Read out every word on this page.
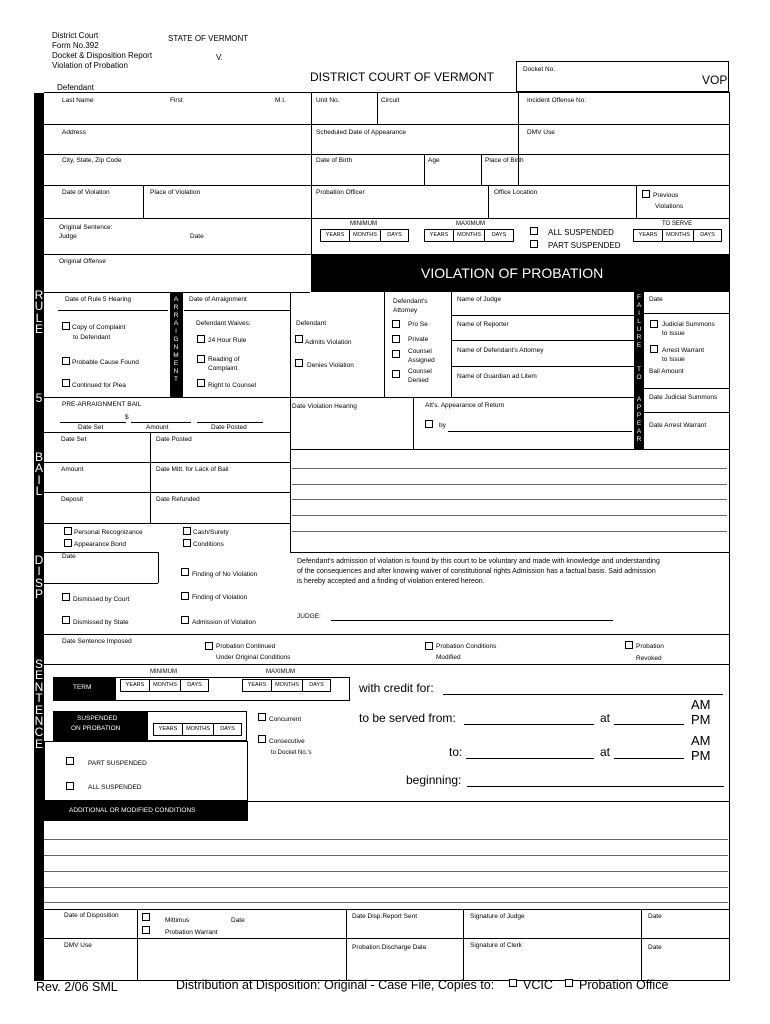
District Court
Form No.392
Docket & Disposition Report
Violation of Probation
STATE OF VERMONT
V.
Defendant
DISTRICT COURT OF VERMONT
Docket No.
VOP
Last Name	First	M.I.	Unit No.	Circuit	Incident Offense No.
Address	Scheduled Date of Appearance	DMV Use
City, State, Zip Code	Date of Birth	Age	Place of Birth
Date of Violation	Place of Violation	Probation Officer	Office Location	Previous
Violations
Original Sentence:
Judge	Date
MINIMUM	MAXIMUM	TO SERVE
YEARS	MONTHS	DAYS	YEARS	MONTHS	DAYS	ALL SUSPENDED
PART SUSPENDED
YEARS	MONTHS	DAYS
Original Offense
VIOLATION OF PROBATION
R
U
L
E
5
A
R
R
A
I
G
N
M
E
N
T
Date of Rule 5 Hearing
Copy of Complaint
to Defendant
Probable Cause Found
Continued for Plea
Date of Arraignment
Defendant Waives:
24 Hour Rule
Reading of
Complaint
Right to Counsel
Defendant
Admits Violation
Denies Violation
Defendant's
Attorney
Pro Se
Private
Counsel
Assigned
Counsel
Denied
Name of Judge
Name of Reporter
Name of Defendant's Attorney
Name of Guardian ad Litem
F
A
I
L
U
R
E
T
O
A
P
P
E
A
R
Date
Judicial Summons
to Issue
Arrest Warrant
to Issue
Bail Amount
Date Judicial Summons
Date Arrest Warrant
PRE-ARRAIGNMENT BAIL
$
Date Set	Amount	Date Posted
Date Set	Date Posted
Amount	Date Mitt. for Lack of Bail
Deposit	Date Refunded
B
A
I
L
Personal Recognizance
Appearance Bond
Cash/Surety
Conditions
Date Violation Hearing	Att's. Appearance of Return
by
D
I
S
P
Date
Finding of No Violation
Dismissed by Court	Finding of Violation
Dismissed by State	Admission of Violation
Defendant's admission of violation is found by this court to be voluntary and made with knowledge and understanding
of the consequences and after knowing waiver of constitutional rights Admission has a factual basis. Said admission
is hereby accepted and a finding of violation entered hereon.
JUDGE:
Date Sentence Imposed
Probation Continued
Under Original Conditions
Probation Conditions
Modified
Probation
Revoked
S
E
N
T
E
N
C
E
MINIMUM	MAXIMUM
TERM	YEARS	MONTHS	DAYS	YEARS	MONTHS	DAYS
SUSPENDED
ON PROBATION	YEARS	MONTHS	DAYS
PART SUSPENDED
ALL SUSPENDED
Concurrent
Consecutive
to Docket No.'s
with credit for:
to be served from:	at
AM
PM
to:	at
AM
PM
beginning:
ADDITIONAL OR MODIFIED CONDITIONS
Date of Disposition
Mittimus	Date
Probation Warrant
DMV Use
Date Disp.Report Sent	Signature of Judge	Date
Probation Discharge Date	Signature of Clerk	Date
Rev. 2/06 SML	Distribution at Disposition: Original - Case File, Copies to: VCIC Probation Office
